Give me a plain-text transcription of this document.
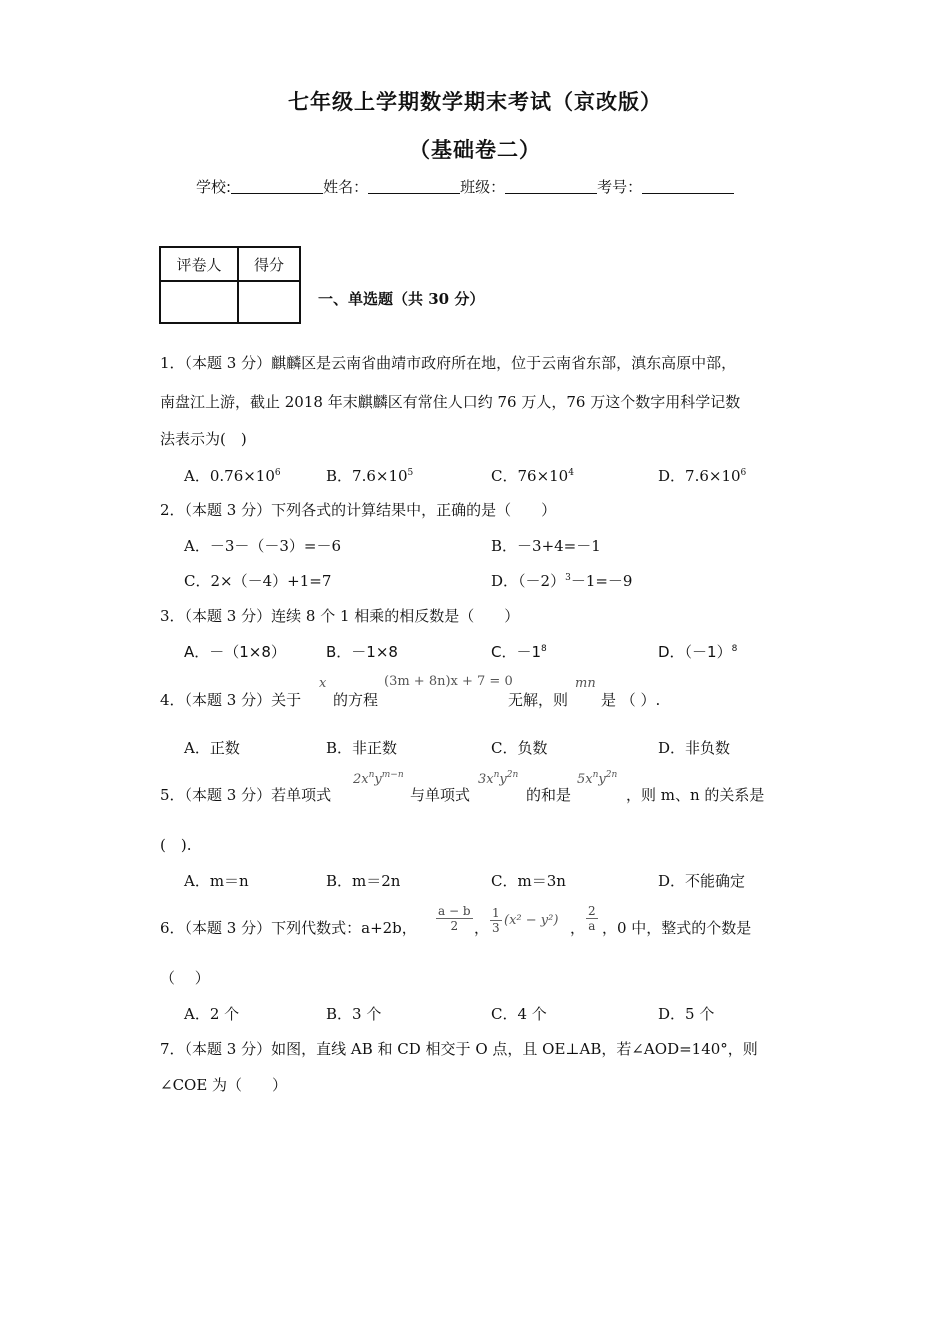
七年级上学期数学期末考试（京改版）
（基础卷二）
学校:	姓名：	班级：	考号：
评卷人	得分

一、单选题（共 30 分）
1．（本题 3 分）麒麟区是云南省曲靖市政府所在地，位于云南省东部，滇东高原中部，
南盘江上游，截止 2018 年末麒麟区有常住人口约 76 万人，76 万这个数字用科学记数
法表示为(　)
A．$0.76\times 10^6$	B．$7.6\times 10^5$	C．$76\times 10^4$	D．$7.6\times 10^6$
2．（本题 3 分）下列各式的计算结果中，正确的是（　　）
A．－3－（－3）=－6	B．－3+4=－1
C．2×（－4）+1=7	D．$(-2)^3-1=-9$
3．（本题 3 分）连续 8 个 1 相乘的相反数是（　　）
A．－（1×8）	B．－1×8	C．$-1^8$	D．$(-1)^8$
4．（本题 3 分）关于
x
的方程
(3m + 8n)x + 7 = 0
无解，则
mn
是 （ ）.
A．正数	B．非正数	C．负数	D．非负数
5．（本题 3 分）若单项式
$2x^ny^{m-n}$
与单项式
$3x^ny^{2n}$
的和是
$5x^ny^{2n}$
，则 m、n 的关系是
(　).
A．m＝n	B．m＝2n	C．m＝3n	D．不能确定
6．（本题 3 分）下列代数式：a+2b， $\frac{a - b}{2}$ ， $\frac{1}{3} (x^2 - y^2)$ ， $\frac{2}{a}$ ，0 中，整式的个数是
（　 ）
A．2 个	B．3 个	C．4 个	D．5 个
7．（本题 3 分）如图，直线 AB 和 CD 相交于 O 点，且 OE⊥AB，若∠AOD=140°，则
∠COE 为（　　）
